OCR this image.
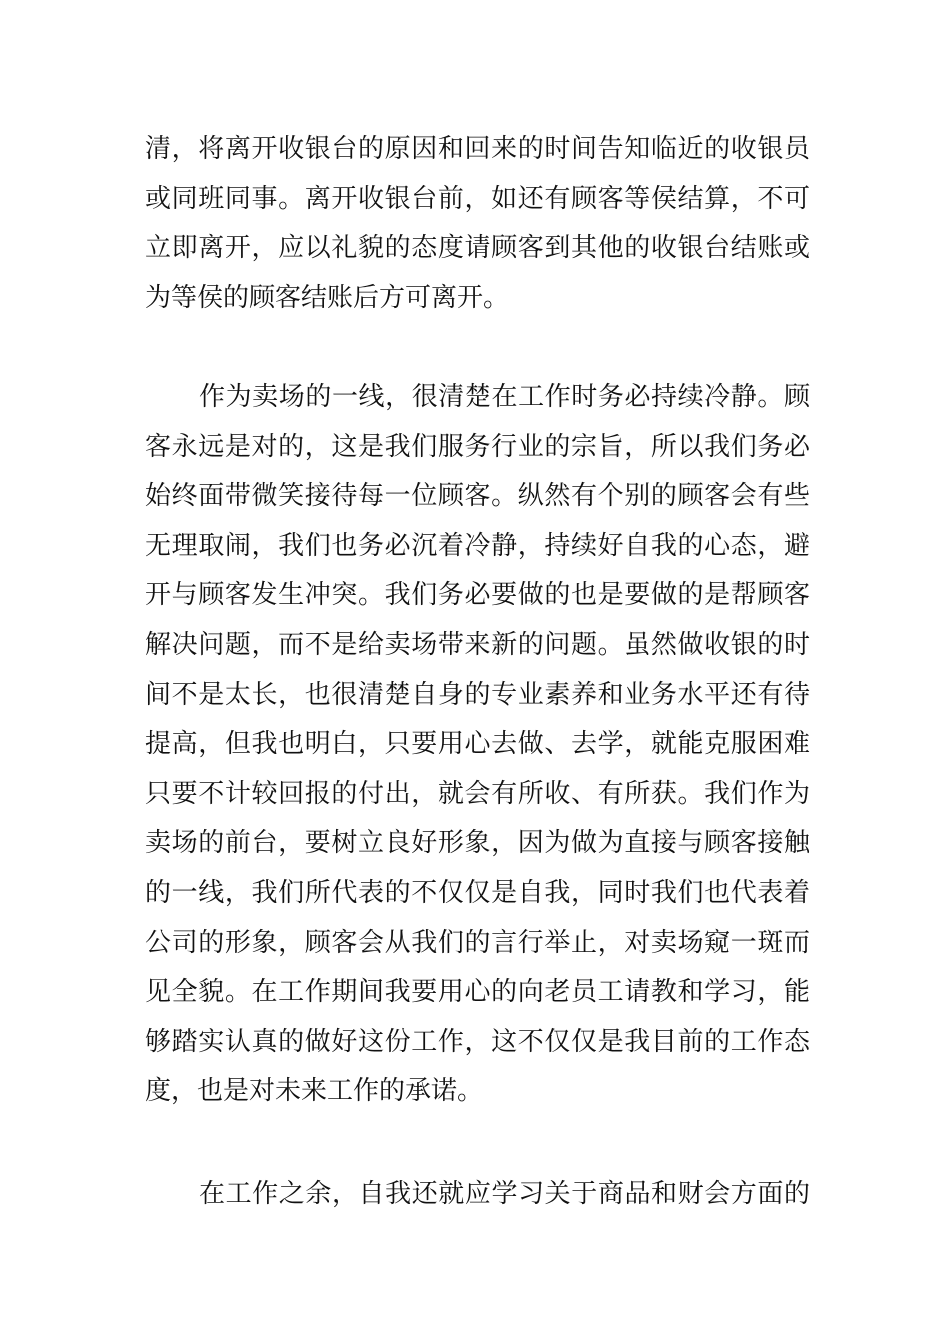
清，将离开收银台的原因和回来的时间告知临近的收银员
或同班同事。离开收银台前，如还有顾客等侯结算，不可
立即离开，应以礼貌的态度请顾客到其他的收银台结账或
为等侯的顾客结账后方可离开。
作为卖场的一线，很清楚在工作时务必持续冷静。顾
客永远是对的，这是我们服务行业的宗旨，所以我们务必
始终面带微笑接待每一位顾客。纵然有个别的顾客会有些
无理取闹，我们也务必沉着冷静，持续好自我的心态，避
开与顾客发生冲突。我们务必要做的也是要做的是帮顾客
解决问题，而不是给卖场带来新的问题。虽然做收银的时
间不是太长，也很清楚自身的专业素养和业务水平还有待
提高，但我也明白，只要用心去做、去学，就能克服困难
只要不计较回报的付出，就会有所收、有所获。我们作为
卖场的前台，要树立良好形象，因为做为直接与顾客接触
的一线，我们所代表的不仅仅是自我，同时我们也代表着
公司的形象，顾客会从我们的言行举止，对卖场窥一斑而
见全貌。在工作期间我要用心的向老员工请教和学习，能
够踏实认真的做好这份工作，这不仅仅是我目前的工作态
度，也是对未来工作的承诺。
在工作之余，自我还就应学习关于商品和财会方面的
